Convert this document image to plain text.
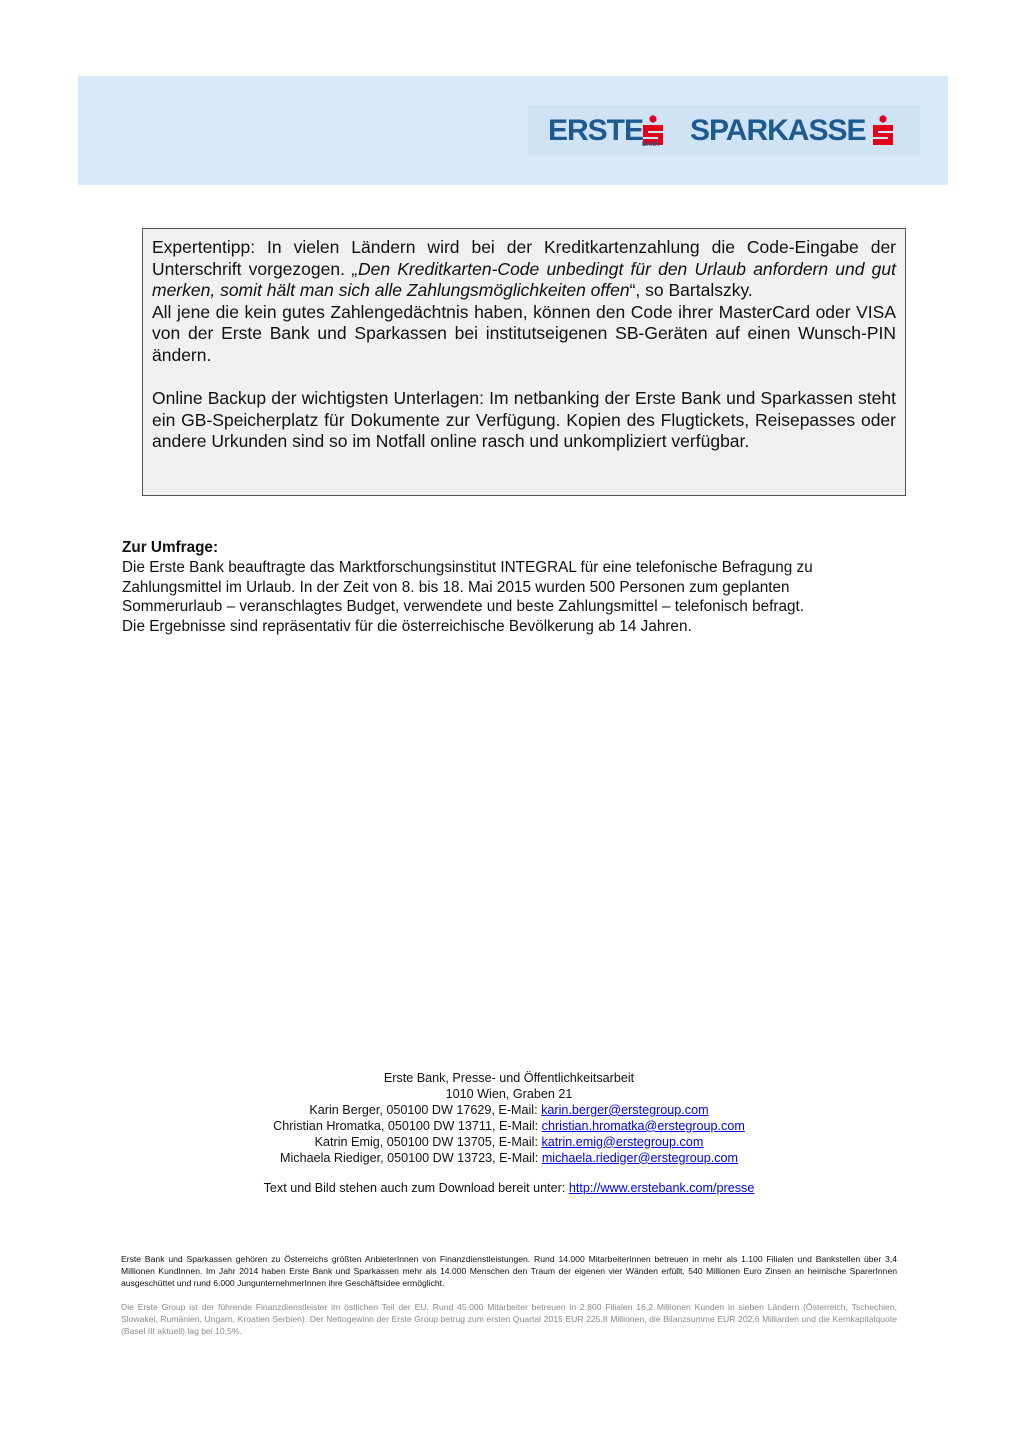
ERSTE
BANK SPARKASSE

Expertentipp: In vielen Ländern wird bei der Kreditkartenzahlung die Code-Eingabe der Unterschrift vorgezogen. „Den Kreditkarten-Code unbedingt für den Urlaub anfordern und gut merken, somit hält man sich alle Zahlungsmöglichkeiten offen“, so Bartalszky.

All jene die kein gutes Zahlengedächtnis haben, können den Code ihrer MasterCard oder VISA von der Erste Bank und Sparkassen bei institutseigenen SB-Geräten auf einen Wunsch-PIN ändern.

Online Backup der wichtigsten Unterlagen: Im netbanking der Erste Bank und Sparkassen steht ein GB-Speicherplatz für Dokumente zur Verfügung. Kopien des Flugtickets, Reisepasses oder andere Urkunden sind so im Notfall online rasch und unkompliziert verfügbar.

Zur Umfrage:

Die Erste Bank beauftragte das Marktforschungsinstitut INTEGRAL für eine telefonische Befragung zu

Zahlungsmittel im Urlaub. In der Zeit von 8. bis 18. Mai 2015 wurden 500 Personen zum geplanten

Sommerurlaub – veranschlagtes Budget, verwendete und beste Zahlungsmittel – telefonisch befragt.

Die Ergebnisse sind repräsentativ für die österreichische Bevölkerung ab 14 Jahren.

Erste Bank, Presse- und Öffentlichkeitsarbeit
1010 Wien, Graben 21
Karin Berger, 050100 DW 17629, E-Mail: karin.berger@erstegroup.com
Christian Hromatka, 050100 DW 13711, E-Mail: christian.hromatka@erstegroup.com
Katrin Emig, 050100 DW 13705, E-Mail: katrin.emig@erstegroup.com
Michaela Riediger, 050100 DW 13723, E-Mail: michaela.riediger@erstegroup.com
Text und Bild stehen auch zum Download bereit unter: http://www.erstebank.com/presse
Erste Bank und Sparkassen gehören zu Österreichs größten AnbieterInnen von Finanzdienstleistungen. Rund 14.000 MitarbeiterInnen betreuen in mehr als 1.100 Filialen und Bankstellen über 3,4 Millionen KundInnen. Im Jahr 2014 haben Erste Bank und Sparkassen mehr als 14.000 Menschen den Traum der eigenen vier Wänden erfüllt, 540 Millionen Euro Zinsen an heimische SparerInnen ausgeschüttet und rund 6.000 JungunternehmerInnen ihre Geschäftsidee ermöglicht.
Die Erste Group ist der führende Finanzdienstleister im östlichen Teil der EU. Rund 45.000 Mitarbeiter betreuen in 2.800 Filialen 16,2 Millionen Kunden in sieben Ländern (Österreich, Tschechien, Slowakei, Rumänien, Ungarn, Kroatien Serbien). Der Nettogewinn der Erste Group betrug zum ersten Quartal 2015 EUR 225,8 Millionen, die Bilanzsumme EUR 202,6 Milliarden und die Kernkapitalquote (Basel III aktuell) lag bei 10,5%.
